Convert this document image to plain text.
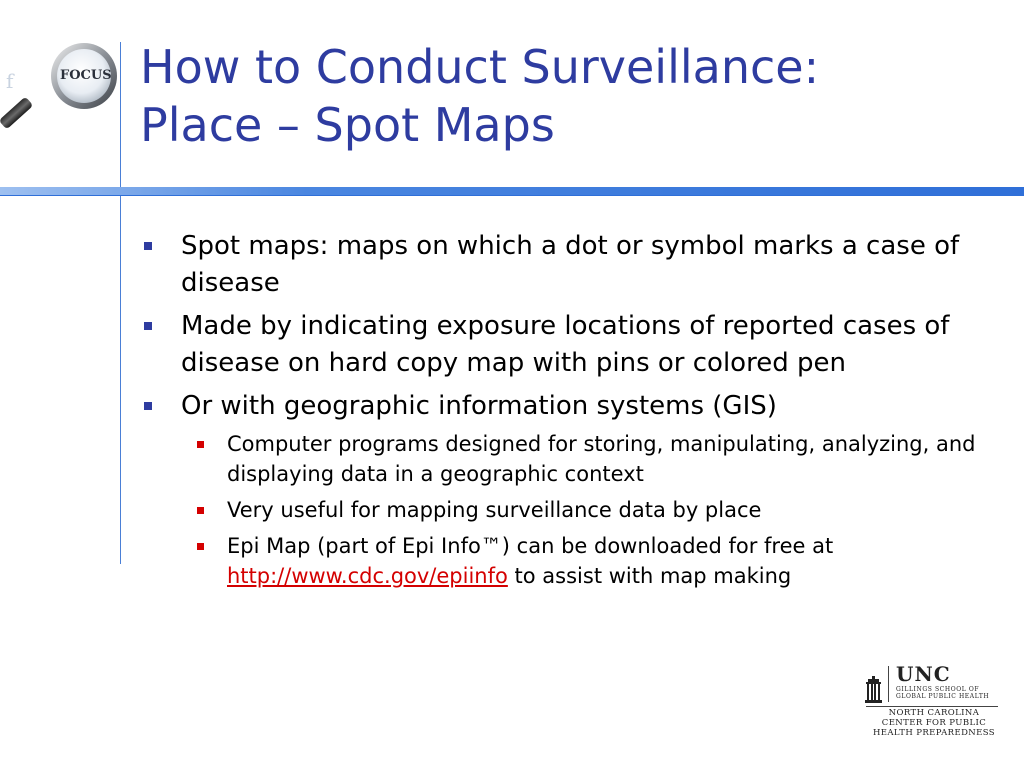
f	FOCUS How to Conduct Surveillance:
Place – Spot Maps
Spot maps: maps on which a dot or symbol marks a case of disease
Made by indicating exposure locations of reported cases of disease on hard copy map with pins or colored pen
Or with geographic information systems (GIS)
Computer programs designed for storing, manipulating, analyzing, and displaying data in a geographic context
Very useful for mapping surveillance data by place
Epi Map (part of Epi Info™) can be downloaded for free at http://www.cdc.gov/epiinfo to assist with map making
UNC
GILLINGS SCHOOL OF
GLOBAL PUBLIC HEALTH
NORTH CAROLINA
CENTER FOR PUBLIC
HEALTH PREPAREDNESS
